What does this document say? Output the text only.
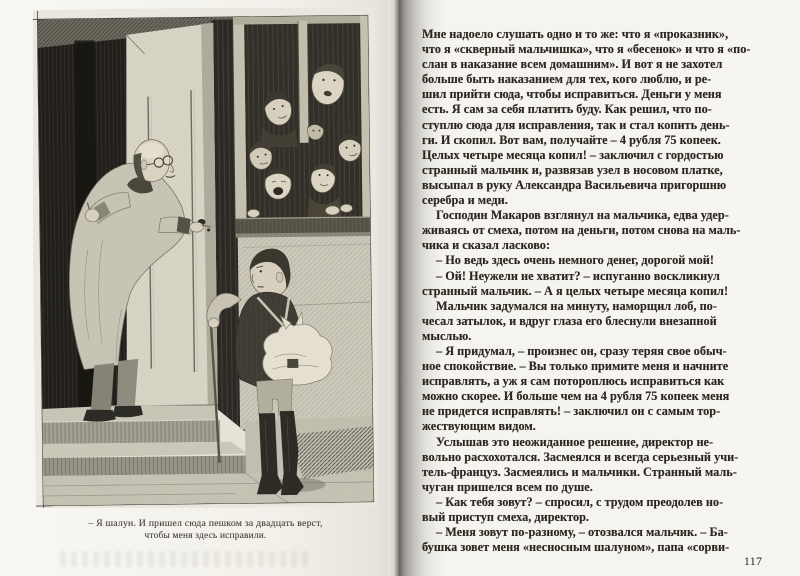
– Я шалун. И пришел сюда пешком за двадцать верст,
чтобы меня здесь исправили.
Мне надоело слушать одно и то же: что я «проказник»,
что я «скверный мальчишка», что я «бесенок» и что я «по-
слан в наказание всем домашним». И вот я не захотел
больше быть наказанием для тех, кого люблю, и ре-
шил прийти сюда, чтобы исправиться. Деньги у меня
есть. Я сам за себя платить буду. Как решил, что по-
ступлю сюда для исправления, так и стал копить день-
ги. И скопил. Вот вам, получайте – 4 рубля 75 копеек.
Целых четыре месяца копил! – заключил с гордостью
странный мальчик и, развязав узел в носовом платке,
высыпал в руку Александра Васильевича пригоршню
серебра и меди.
Господин Макаров взглянул на мальчика, едва удер-
живаясь от смеха, потом на деньги, потом снова на маль-
чика и сказал ласково:
– Но ведь здесь очень немного денег, дорогой мой!
– Ой! Неужели не хватит? – испуганно воскликнул
странный мальчик. – А я целых четыре месяца копил!
Мальчик задумался на минуту, наморщил лоб, по-
чесал затылок, и вдруг глаза его блеснули внезапной
мыслью.
– Я придумал, – произнес он, сразу теряя свое обыч-
ное спокойствие. – Вы только примите меня и начните
исправлять, а уж я сам потороплюсь исправиться как
можно скорее. И больше чем на 4 рубля 75 копеек меня
не придется исправлять! – заключил он с самым тор-
жествующим видом.
Услышав это неожиданное решение, директор не-
вольно расхохотался. Засмеялся и всегда серьезный учи-
тель-француз. Засмеялись и мальчики. Странный маль-
чуган пришелся всем по душе.
– Как тебя зовут? – спросил, с трудом преодолев но-
вый приступ смеха, директор.
– Меня зовут по-разному, – отозвался мальчик. – Ба-
бушка зовет меня «несносным шалуном», папа «сорви-
117
